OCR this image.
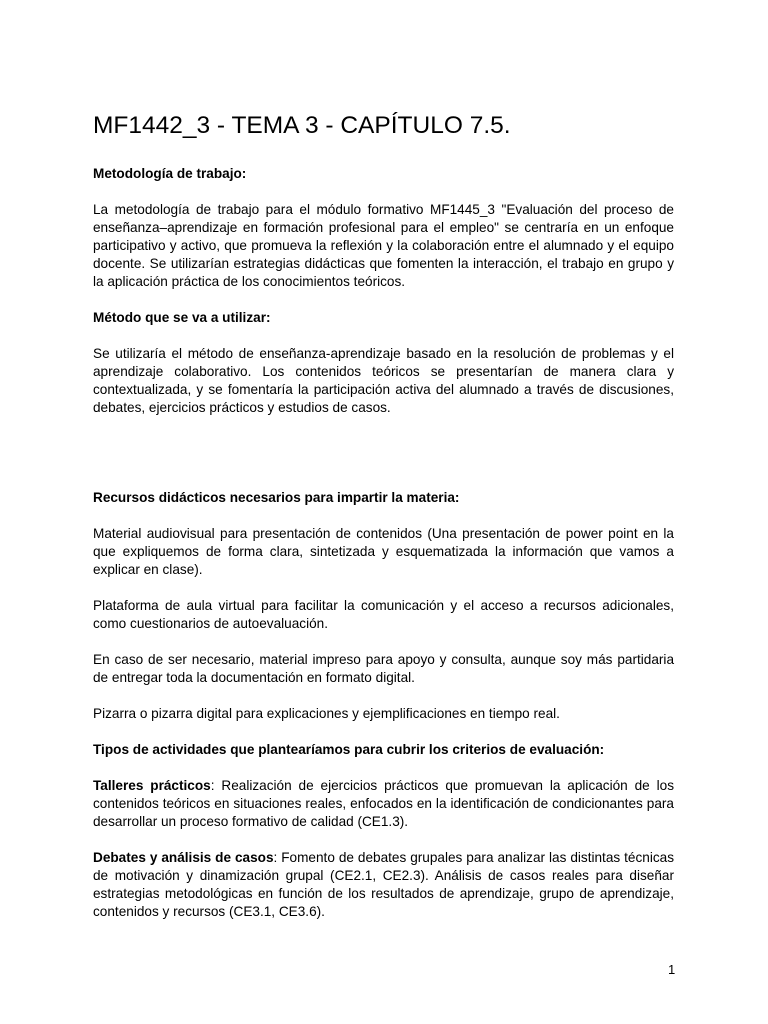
MF1442_3 - TEMA 3 - CAPÍTULO 7.5.

Metodología de trabajo:

La metodología de trabajo para el módulo formativo MF1445_3 "Evaluación del proceso de enseñanza–aprendizaje en formación profesional para el empleo" se centraría en un enfoque participativo y activo, que promueva la reflexión y la colaboración entre el alumnado y el equipo docente. Se utilizarían estrategias didácticas que fomenten la interacción, el trabajo en grupo y la aplicación práctica de los conocimientos teóricos.

Método que se va a utilizar:

Se utilizaría el método de enseñanza-aprendizaje basado en la resolución de problemas y el aprendizaje colaborativo. Los contenidos teóricos se presentarían de manera clara y contextualizada, y se fomentaría la participación activa del alumnado a través de discusiones, debates, ejercicios prácticos y estudios de casos.

Recursos didácticos necesarios para impartir la materia:

Material audiovisual para presentación de contenidos (Una presentación de power point en la que expliquemos de forma clara, sintetizada y esquematizada la información que vamos a explicar en clase).

Plataforma de aula virtual para facilitar la comunicación y el acceso a recursos adicionales, como cuestionarios de autoevaluación.

En caso de ser necesario, material impreso para apoyo y consulta, aunque soy más partidaria de entregar toda la documentación en formato digital.

Pizarra o pizarra digital para explicaciones y ejemplificaciones en tiempo real.

Tipos de actividades que plantearíamos para cubrir los criterios de evaluación:

Talleres prácticos: Realización de ejercicios prácticos que promuevan la aplicación de los contenidos teóricos en situaciones reales, enfocados en la identificación de condicionantes para desarrollar un proceso formativo de calidad (CE1.3).

Debates y análisis de casos: Fomento de debates grupales para analizar las distintas técnicas de motivación y dinamización grupal (CE2.1, CE2.3). Análisis de casos reales para diseñar estrategias metodológicas en función de los resultados de aprendizaje, grupo de aprendizaje, contenidos y recursos (CE3.1, CE3.6).

1
